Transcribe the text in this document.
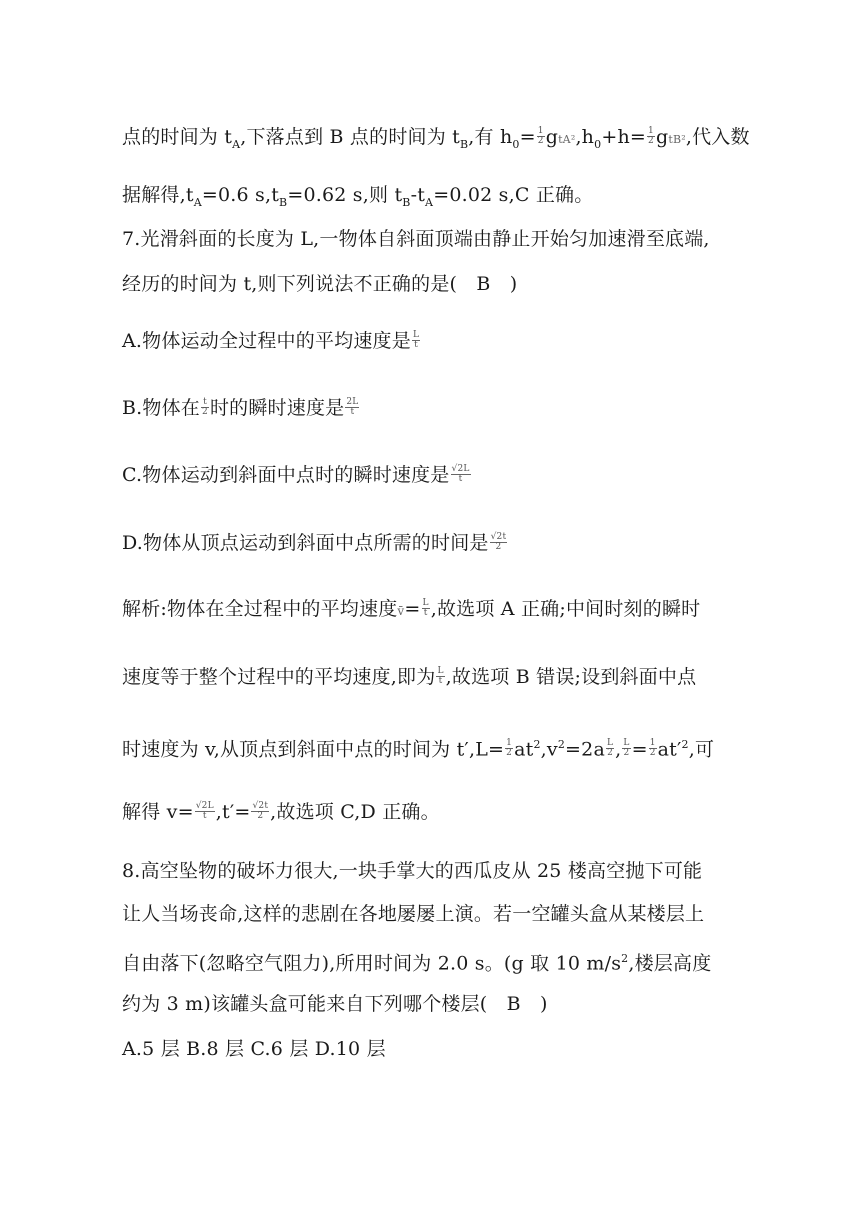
点的时间为 $t_A$,下落点到 B 点的时间为 $t_B$,有 $h_0= \frac{1}{2} gtA^2,h_0+h= \frac{1}{2} gtB^2$,代入数
据解得$,t_A=0.6$ $s,t_B=0.62$ s,则 $t_B-t_A=0.02$ s,C 正确。
7.光滑斜面的长度为 L,一物体自斜面顶端由静止开始匀加速滑至底端,
经历的时间为 t,则下列说法不正确的是(　B　)
A.物体运动全过程中的平均速度是 $\frac{L}{t}$
B.物体在 $\frac{t}{2}$ 时的瞬时速度是 $\frac{2L}{t}$
C.物体运动到斜面中点时的瞬时速度是 $\frac{√2L}{t}$
D.物体从顶点运动到斜面中点所需的时间是 $\frac{√2t}{2}$
解析:物体在全过程中的平均速度v̄= $\frac{L}{t}$ ,故选项 A 正确;中间时刻的瞬时
速度等于整个过程中的平均速度,即为 $\frac{L}{t}$ ,故选项 B 错误;设到斜面中点
时速度为 v,从顶点到斜面中点的时间为 $t',L= \frac{1}{2} at^2,v^2=2a \frac{L}{2}$ , $\frac{L}{2} = \frac{1}{2} at'^2$,可
解得 $v= \frac{√2L}{t} ,t'= \frac{√2t}{2}$ ,故选项 C,D 正确。
8.高空坠物的破坏力很大,一块手掌大的西瓜皮从 25 楼高空抛下可能
让人当场丧命,这样的悲剧在各地屡屡上演。若一空罐头盒从某楼层上
自由落下(忽略空气阻力),所用时间为 2.0 s。(g 取 10 $m/s^2$,楼层高度
约为 3 m)该罐头盒可能来自下列哪个楼层(　B　)
A.5 层 B.8 层 C.6 层 D.10 层
